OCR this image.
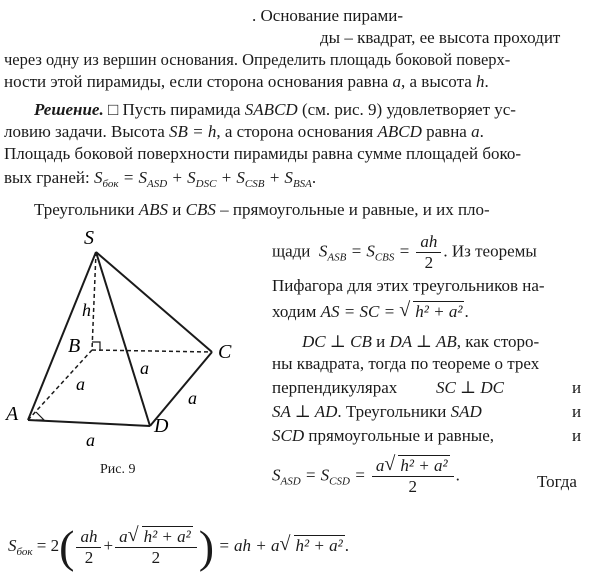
. Основание пирами-
ды – квадрат, ее высота проходит
через одну из вершин основания. Определить площадь боковой поверх-
ности этой пирамиды, если сторона основания равна a, а высота h.
Решение. □ Пусть пирамида SABCD (см. рис. 9) удовлетворяет ус-
ловию задачи. Высота SB = h, а сторона основания ABCD равна a.
Площадь боковой поверхности пирамиды равна сумме площадей боко-
вых граней: $S_{бок} = S_{ASD} + S_{DSC} + S_{CSB} + S_{BSA}$.
Треугольники ABS и CBS – прямоугольные и равные, и их пло-
щади $S_{ASB} = S_{CBS} = \frac{ah}{2}$ . Из теоремы
Пифагора для этих треугольников на-
ходим AS = SC = √ h² + a² .
DC ⊥ CB и DA ⊥ AB, как сторо-
ны квадрата, тогда по теореме о трех
перпендикулярах SC ⊥ DC	и
SA ⊥ AD. Треугольники SAD	и
SCD прямоугольные и равные,	и
$S_{ASD} = S_{CSD} = \frac{\text{a √ h² + a²}}{2}$ .	Тогда
$S_{бок} = 2( \frac{ah}{2} + \frac{\text{a √ h² + a²}}{2}$ ) = ah + a √ h² + a² .
S
A
B	C
D
h
a
a
a
a
Рис. 9
